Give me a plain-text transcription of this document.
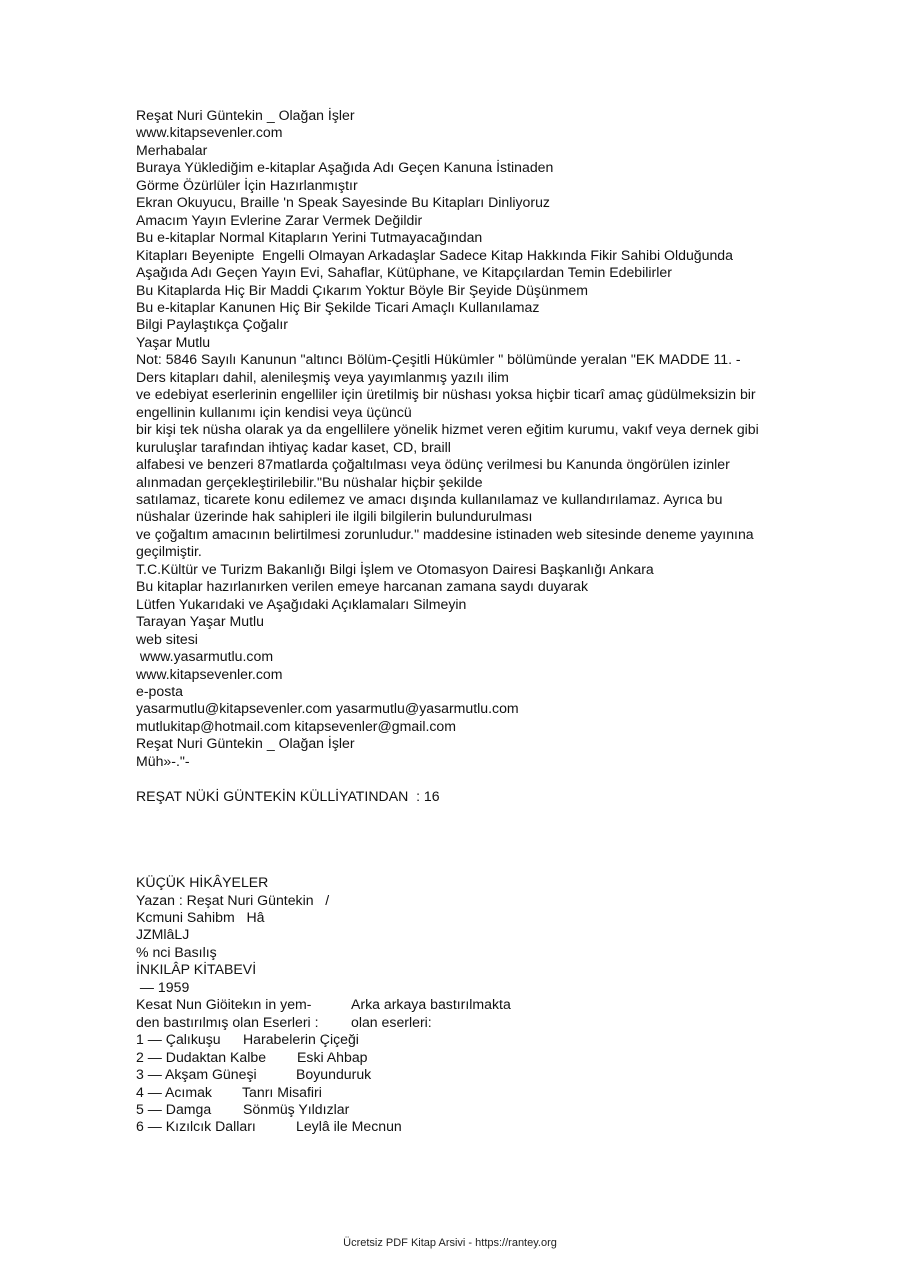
Reşat Nuri Güntekin _ Olağan İşler
www.kitapsevenler.com
Merhabalar
Buraya Yüklediğim e-kitaplar Aşağıda Adı Geçen Kanuna İstinaden
Görme Özürlüler İçin Hazırlanmıştır
Ekran Okuyucu, Braille 'n Speak Sayesinde Bu Kitapları Dinliyoruz
Amacım Yayın Evlerine Zarar Vermek Değildir
Bu e-kitaplar Normal Kitapların Yerini Tutmayacağından
Kitapları Beyenipte  Engelli Olmayan Arkadaşlar Sadece Kitap Hakkında Fikir Sahibi Olduğunda
Aşağıda Adı Geçen Yayın Evi, Sahaflar, Kütüphane, ve Kitapçılardan Temin Edebilirler
Bu Kitaplarda Hiç Bir Maddi Çıkarım Yoktur Böyle Bir Şeyide Düşünmem
Bu e-kitaplar Kanunen Hiç Bir Şekilde Ticari Amaçlı Kullanılamaz
Bilgi Paylaştıkça Çoğalır
Yaşar Mutlu
Not: 5846 Sayılı Kanunun "altıncı Bölüm-Çeşitli Hükümler " bölümünde yeralan "EK MADDE 11. -
Ders kitapları dahil, alenileşmiş veya yayımlanmış yazılı ilim
ve edebiyat eserlerinin engelliler için üretilmiş bir nüshası yoksa hiçbir ticarî amaç güdülmeksizin bir
engellinin kullanımı için kendisi veya üçüncü
bir kişi tek nüsha olarak ya da engellilere yönelik hizmet veren eğitim kurumu, vakıf veya dernek gibi
kuruluşlar tarafından ihtiyaç kadar kaset, CD, braill
alfabesi ve benzeri 87matlarda çoğaltılması veya ödünç verilmesi bu Kanunda öngörülen izinler
alınmadan gerçekleştirilebilir."Bu nüshalar hiçbir şekilde
satılamaz, ticarete konu edilemez ve amacı dışında kullanılamaz ve kullandırılamaz. Ayrıca bu
nüshalar üzerinde hak sahipleri ile ilgili bilgilerin bulundurulması
ve çoğaltım amacının belirtilmesi zorunludur." maddesine istinaden web sitesinde deneme yayınına
geçilmiştir.
T.C.Kültür ve Turizm Bakanlığı Bilgi İşlem ve Otomasyon Dairesi Başkanlığı Ankara
Bu kitaplar hazırlanırken verilen emeye harcanan zamana saydı duyarak
Lütfen Yukarıdaki ve Aşağıdaki Açıklamaları Silmeyin
Tarayan Yaşar Mutlu
web sitesi
www.yasarmutlu.com
www.kitapsevenler.com
e-posta
yasarmutlu@kitapsevenler.com yasarmutlu@yasarmutlu.com
mutlukitap@hotmail.com kitapsevenler@gmail.com
Reşat Nuri Güntekin _ Olağan İşler
Müh»-."-
REŞAT NÜKİ GÜNTEKİN KÜLLİYATINDAN  : 16
KÜÇÜK HİKÂYELER
Yazan : Reşat Nuri Güntekin   /
Kcmuni Sahibm   Hâ
JZMlâLJ
% nci Basılış
İNKILÂP KİTABEVİ
— 1959
Kesat Nun Giöitekın in yem-	Arka arkaya bastırılmakta
den bastırılmış olan Eserleri :	olan eserleri:
1 — Çalıkuşu	Harabelerin Çiçeği
2 — Dudaktan Kalbe	Eski Ahbap
3 — Akşam Güneşi	Boyunduruk
4 — Acımak	Tanrı Misafiri
5 — Damga	Sönmüş Yıldızlar
6 — Kızılcık Dalları	Leylâ ile Mecnun
Ücretsiz PDF Kitap Arsivi - https://rantey.org
